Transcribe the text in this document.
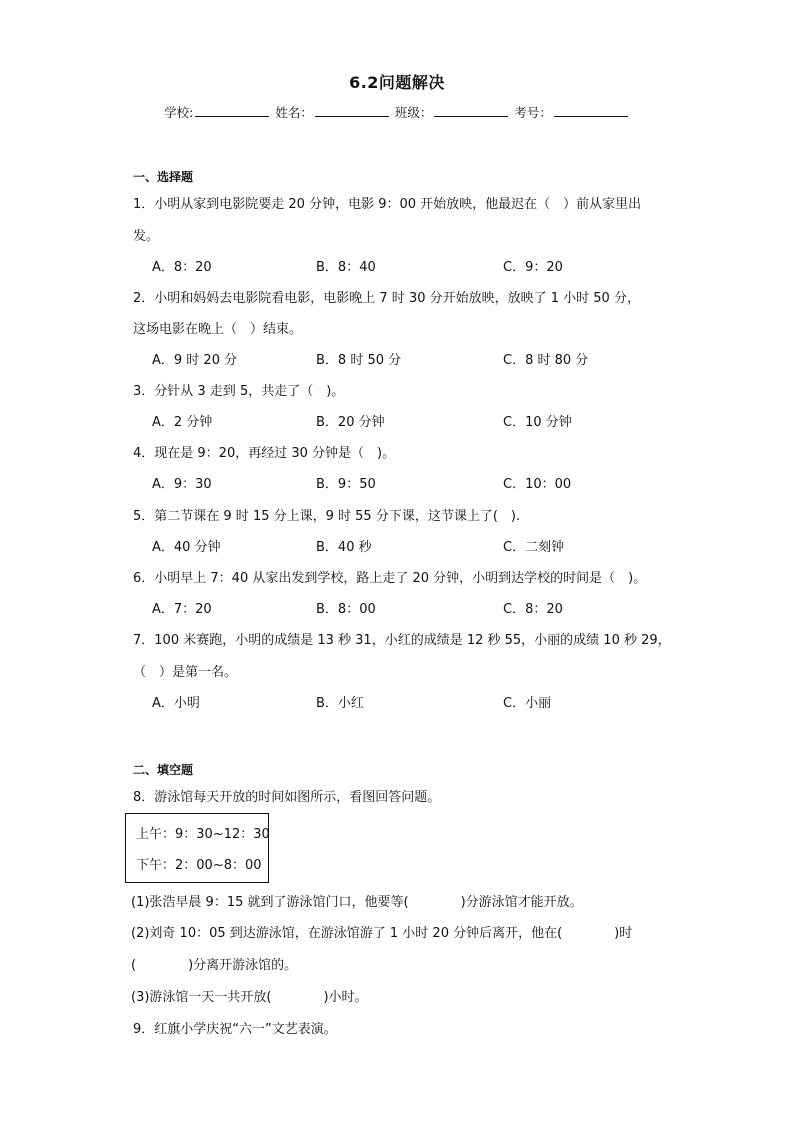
6.2问题解决
学校:	姓名：	班级：	考号：
一、选择题
1．小明从家到电影院要走 20 分钟，电影 9：00 开始放映，他最迟在（　）前从家里出
发。
A．8：20	B．8：40	C．9：20
2．小明和妈妈去电影院看电影，电影晚上 7 时 30 分开始放映，放映了 1 小时 50 分，
这场电影在晚上（　）结束。
A．9 时 20 分	B．8 时 50 分	C．8 时 80 分
3．分针从 3 走到 5，共走了（　)。
A．2 分钟	B．20 分钟	C．10 分钟
4．现在是 9：20，再经过 30 分钟是（　)。
A．9：30	B．9：50	C．10：00
5．第二节课在 9 时 15 分上课，9 时 55 分下课，这节课上了(　).
A．40 分钟	B．40 秒	C．二刻钟
6．小明早上 7：40 从家出发到学校，路上走了 20 分钟，小明到达学校的时间是（　)。
A．7：20	B．8：00	C．8：20
7．100 米赛跑，小明的成绩是 13 秒 31，小红的成绩是 12 秒 55，小丽的成绩 10 秒 29，
（　）是第一名。
A．小明	B．小红	C．小丽
二、填空题
8．游泳馆每天开放的时间如图所示，看图回答问题。
上午：9：30~12：30
下午：2：00~8：00
(1)张浩早晨 9：15 就到了游泳馆门口，他要等(　　　　)分游泳馆才能开放。
(2)刘奇 10：05 到达游泳馆，在游泳馆游了 1 小时 20 分钟后离开，他在(　　　　)时
(　　　　)分离开游泳馆的。
(3)游泳馆一天一共开放(　　　　)小时。
9．红旗小学庆祝“六一”文艺表演。
